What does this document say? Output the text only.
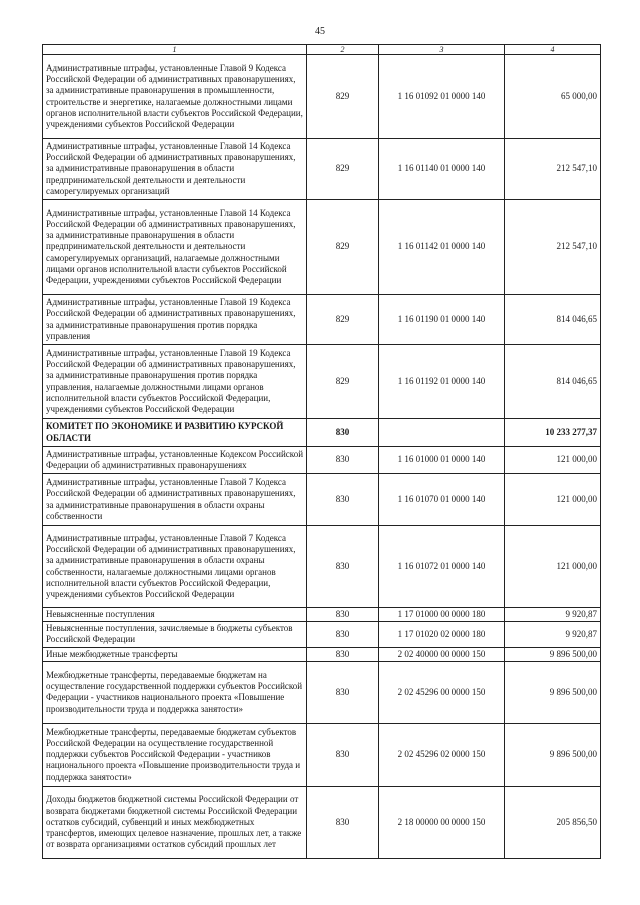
45
1	2	3	4
Административные штрафы, установленные Главой 9 Кодекса Российской Федерации об административных правонарушениях, за административные правонарушения в промышленности, строительстве и энергетике, налагаемые должностными лицами органов исполнительной власти субъектов Российской Федерации, учреждениями субъектов Российской Федерации	829	1 16 01092 01 0000 140	65 000,00
Административные штрафы, установленные Главой 14 Кодекса Российской Федерации об административных правонарушениях, за административные правонарушения в области предпринимательской деятельности и деятельности саморегулируемых организаций	829	1 16 01140 01 0000 140	212 547,10
Административные штрафы, установленные Главой 14 Кодекса Российской Федерации об административных правонарушениях, за административные правонарушения в области предпринимательской деятельности и деятельности саморегулируемых организаций, налагаемые должностными лицами органов исполнительной власти субъектов Российской Федерации, учреждениями субъектов Российской Федерации	829	1 16 01142 01 0000 140	212 547,10
Административные штрафы, установленные Главой 19 Кодекса Российской Федерации об административных правонарушениях, за административные правонарушения против порядка управления	829	1 16 01190 01 0000 140	814 046,65
Административные штрафы, установленные Главой 19 Кодекса Российской Федерации об административных правонарушениях, за административные правонарушения против порядка управления, налагаемые должностными лицами органов исполнительной власти субъектов Российской Федерации, учреждениями субъектов Российской Федерации	829	1 16 01192 01 0000 140	814 046,65
КОМИТЕТ ПО ЭКОНОМИКЕ И РАЗВИТИЮ КУРСКОЙ ОБЛАСТИ	830		10 233 277,37
Административные штрафы, установленные Кодексом Российской Федерации об административных правонарушениях	830	1 16 01000 01 0000 140	121 000,00
Административные штрафы, установленные Главой 7 Кодекса Российской Федерации об административных правонарушениях, за административные правонарушения в области охраны собственности	830	1 16 01070 01 0000 140	121 000,00
Административные штрафы, установленные Главой 7 Кодекса Российской Федерации об административных правонарушениях, за административные правонарушения в области охраны собственности, налагаемые должностными лицами органов исполнительной власти субъектов Российской Федерации, учреждениями субъектов Российской Федерации	830	1 16 01072 01 0000 140	121 000,00
Невыясненные поступления	830	1 17 01000 00 0000 180	9 920,87
Невыясненные поступления, зачисляемые в бюджеты субъектов Российской Федерации	830	1 17 01020 02 0000 180	9 920,87
Иные межбюджетные трансферты	830	2 02 40000 00 0000 150	9 896 500,00
Межбюджетные трансферты, передаваемые бюджетам на осуществление государственной поддержки субъектов Российской Федерации - участников национального проекта «Повышение производительности труда и поддержка занятости»	830	2 02 45296 00 0000 150	9 896 500,00
Межбюджетные трансферты, передаваемые бюджетам субъектов Российской Федерации на осуществление государственной поддержки субъектов Российской Федерации - участников национального проекта «Повышение производительности труда и поддержка занятости»	830	2 02 45296 02 0000 150	9 896 500,00
Доходы бюджетов бюджетной системы Российской Федерации от возврата бюджетами бюджетной системы Российской Федерации остатков субсидий, субвенций и иных межбюджетных трансфертов, имеющих целевое назначение, прошлых лет, а также от возврата организациями остатков субсидий прошлых лет	830	2 18 00000 00 0000 150	205 856,50
